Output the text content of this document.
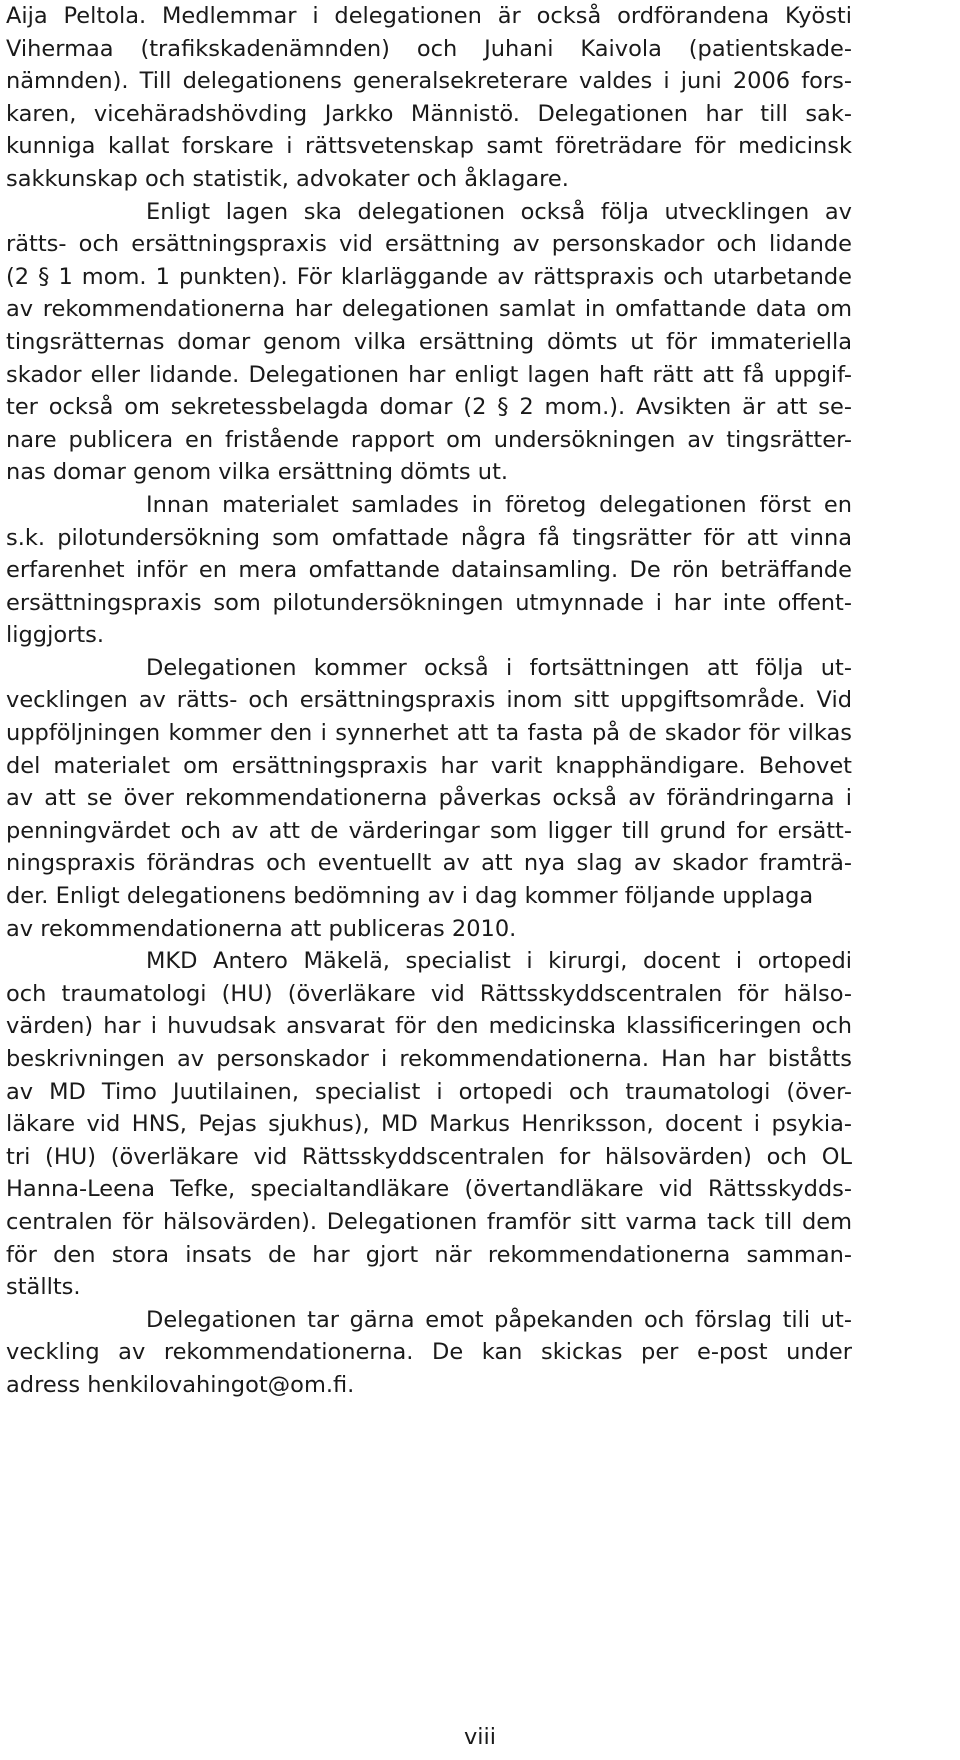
Aija Peltola. Medlemmar i delegationen är också ordförandena Kyösti
Vihermaa (trafikskadenämnden) och Juhani Kaivola (patientskade-
nämnden). Till delegationens generalsekreterare valdes i juni 2006 fors-
karen, vicehäradshövding Jarkko Männistö. Delegationen har till sak-
kunniga kallat forskare i rättsvetenskap samt företrädare för medicinsk
sakkunskap och statistik, advokater och åklagare.
Enligt lagen ska delegationen också följa utvecklingen av
rätts- och ersättningspraxis vid ersättning av personskador och lidande
(2 § 1 mom. 1 punkten). För klarläggande av rättspraxis och utarbetande
av rekommendationerna har delegationen samlat in omfattande data om
tingsrätternas domar genom vilka ersättning dömts ut för immateriella
skador eller lidande. Delegationen har enligt lagen haft rätt att få uppgif-
ter också om sekretessbelagda domar (2 § 2 mom.). Avsikten är att se-
nare publicera en fristående rapport om undersökningen av tingsrätter-
nas domar genom vilka ersättning dömts ut.
Innan materialet samlades in företog delegationen först en
s.k. pilotundersökning som omfattade några få tingsrätter för att vinna
erfarenhet inför en mera omfattande datainsamling. De rön beträffande
ersättningspraxis som pilotundersökningen utmynnade i har inte offent-
liggjorts.
Delegationen kommer också i fortsättningen att följa ut-
vecklingen av rätts- och ersättningspraxis inom sitt uppgiftsområde. Vid
uppföljningen kommer den i synnerhet att ta fasta på de skador för vilkas
del materialet om ersättningspraxis har varit knapphändigare. Behovet
av att se över rekommendationerna påverkas också av förändringarna i
penningvärdet och av att de värderingar som ligger till grund for ersätt-
ningspraxis förändras och eventuellt av att nya slag av skador framträ-
der. Enligt delegationens bedömning av i dag kommer följande upplaga
av rekommendationerna att publiceras 2010.
MKD Antero Mäkelä, specialist i kirurgi, docent i ortopedi
och traumatologi (HU) (överläkare vid Rättsskyddscentralen för hälso-
värden) har i huvudsak ansvarat för den medicinska klassificeringen och
beskrivningen av personskador i rekommendationerna. Han har biståtts
av MD Timo Juutilainen, specialist i ortopedi och traumatologi (över-
läkare vid HNS, Pejas sjukhus), MD Markus Henriksson, docent i psykia-
tri (HU) (överläkare vid Rättsskyddscentralen for hälsovärden) och OL
Hanna-Leena Tefke, specialtandläkare (övertandläkare vid Rättsskydds-
centralen för hälsovärden). Delegationen framför sitt varma tack till dem
för den stora insats de har gjort när rekommendationerna samman-
ställts.
Delegationen tar gärna emot påpekanden och förslag tili ut-
veckling av rekommendationerna. De kan skickas per e-post under
adress henkilovahingot@om.fi.
viii
